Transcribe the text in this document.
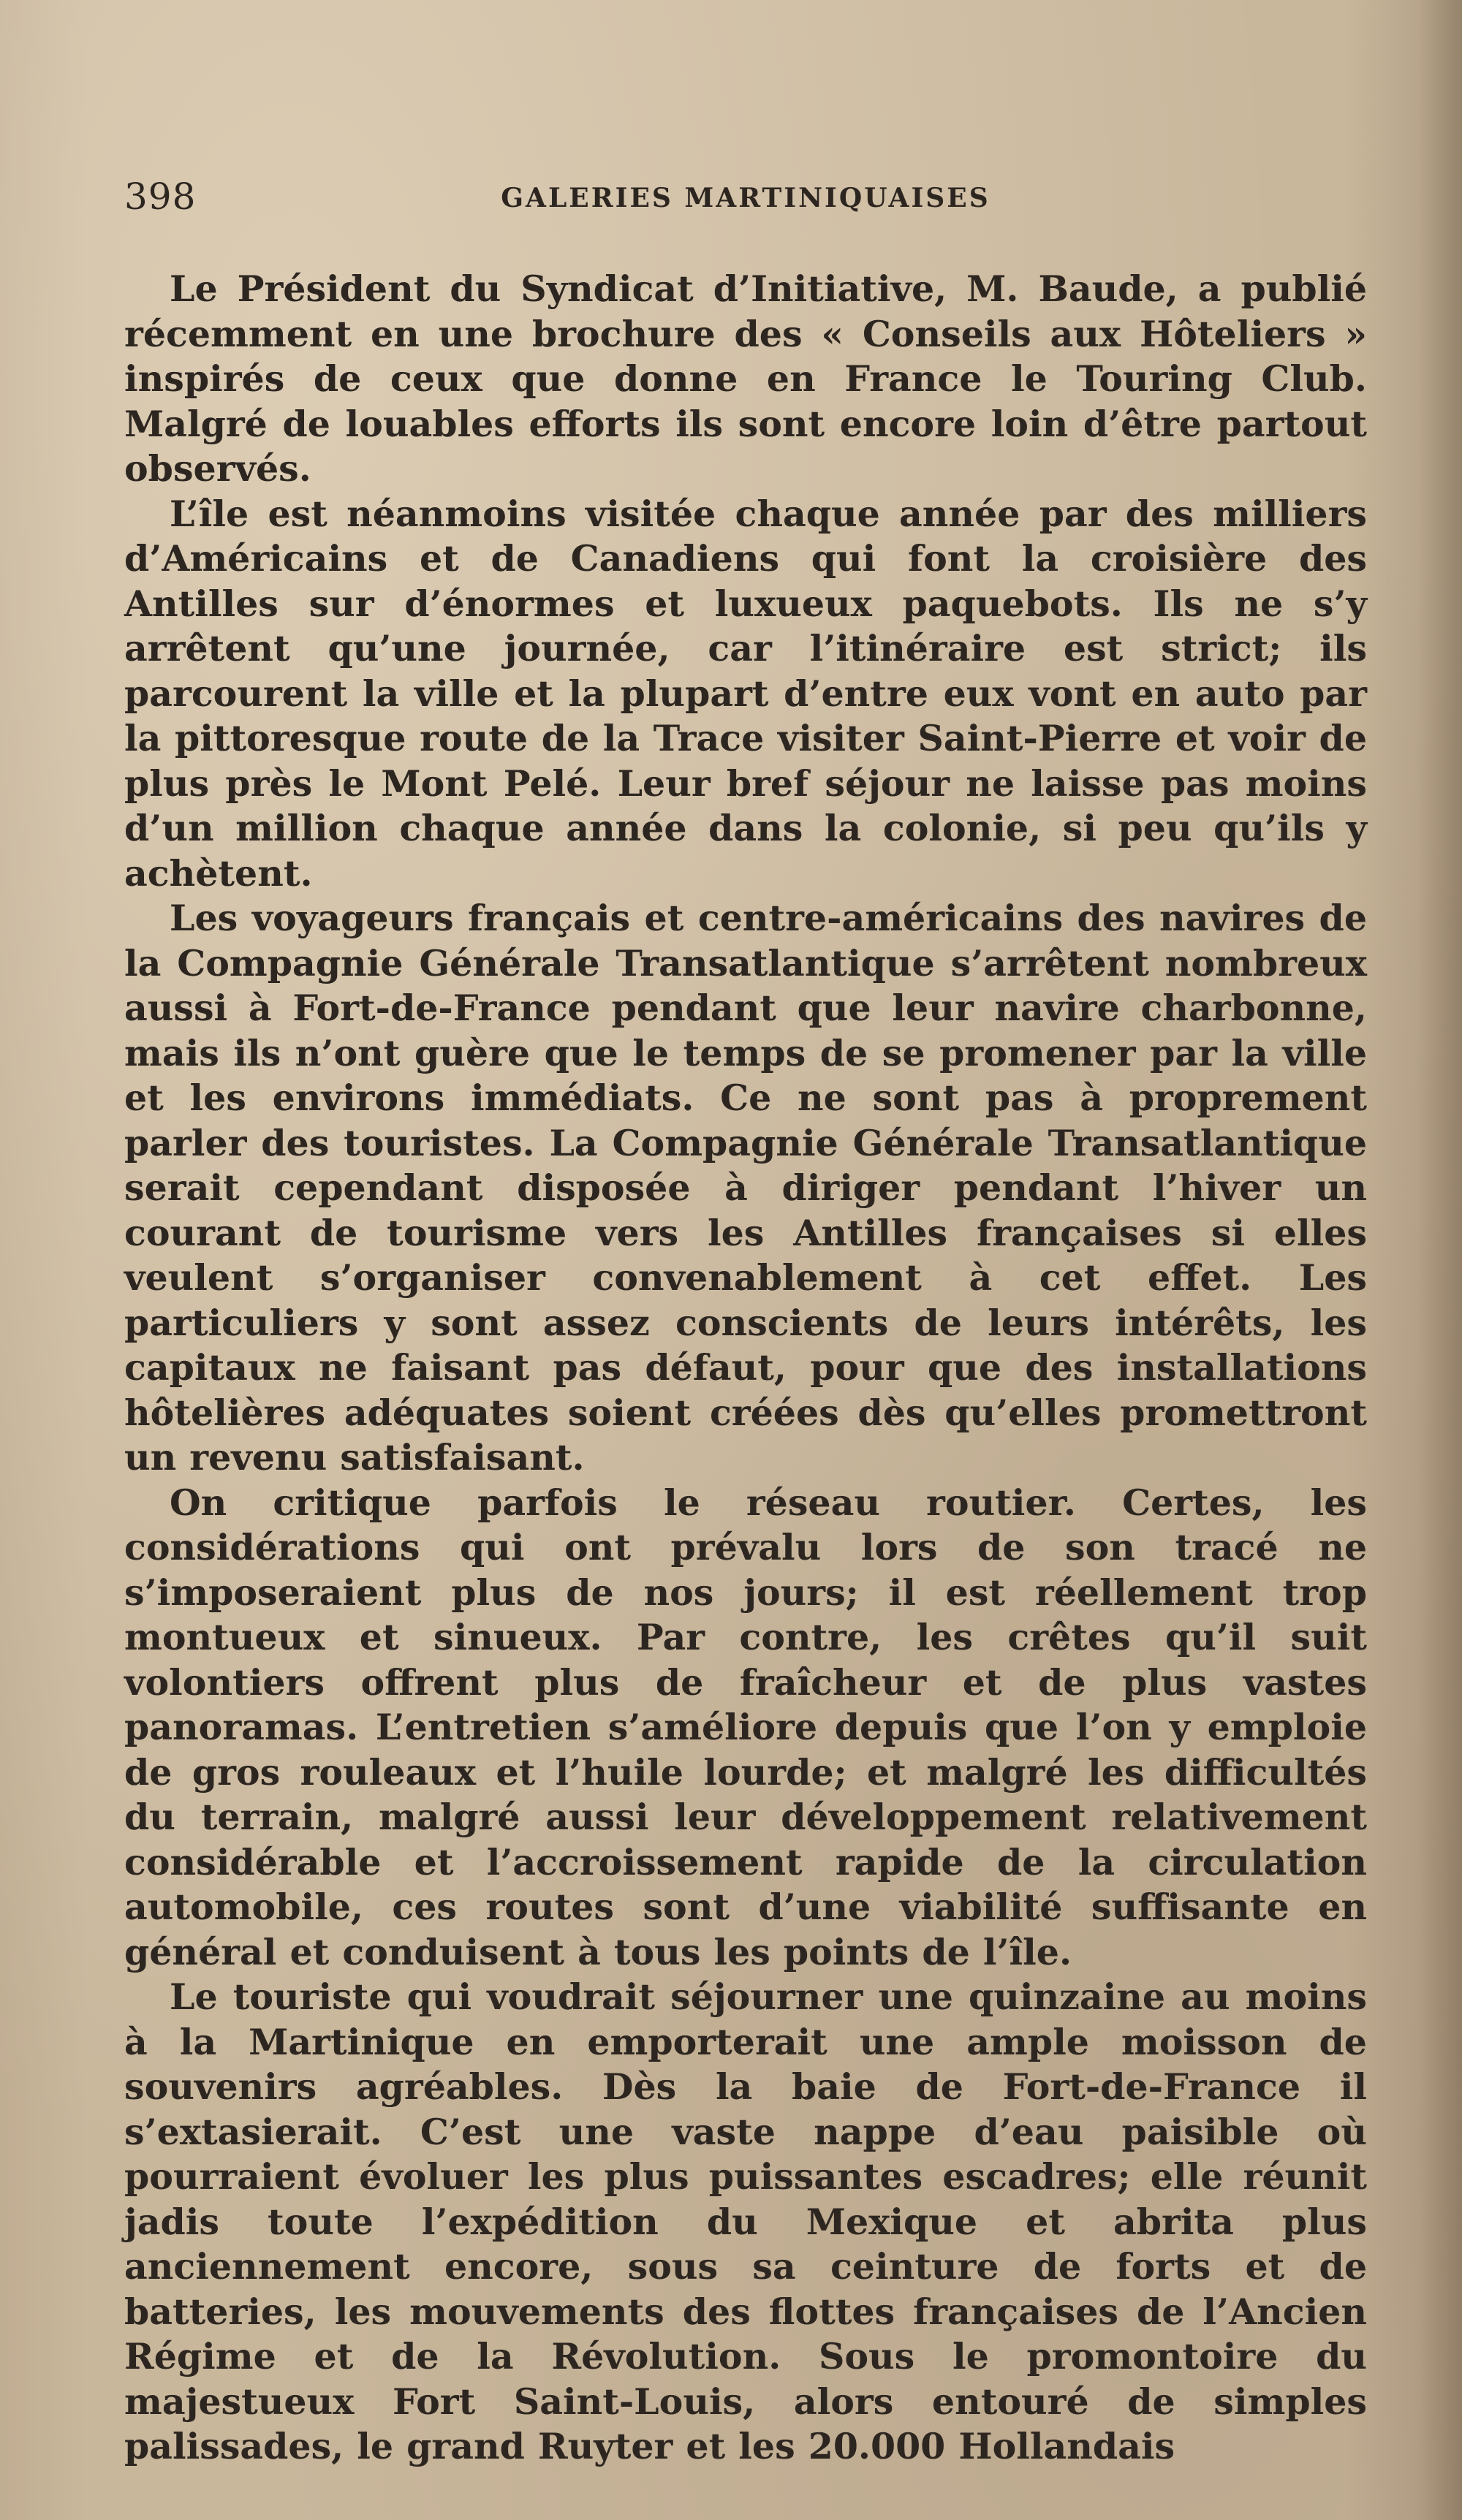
398	GALERIES MARTINIQUAISES

Le Président du Syndicat d’Initiative, M. Baude, a publié récemment en une brochure des « Conseils aux Hôteliers » inspirés de ceux que donne en France le Touring Club. Malgré de louables efforts ils sont encore loin d’être partout observés.

L’île est néanmoins visitée chaque année par des milliers d’Américains et de Canadiens qui font la croisière des Antilles sur d’énormes et luxueux paquebots. Ils ne s’y arrêtent qu’une journée, car l’itinéraire est strict; ils parcourent la ville et la plupart d’entre eux vont en auto par la pittoresque route de la Trace visiter Saint-Pierre et voir de plus près le Mont Pelé. Leur bref séjour ne laisse pas moins d’un million chaque année dans la colonie, si peu qu’ils y achètent.

Les voyageurs français et centre-américains des navires de la Compagnie Générale Transatlantique s’arrêtent nombreux aussi à Fort-de-France pendant que leur navire charbonne, mais ils n’ont guère que le temps de se promener par la ville et les environs immédiats. Ce ne sont pas à proprement parler des touristes. La Compagnie Générale Transatlantique serait cependant disposée à diriger pendant l’hiver un courant de tourisme vers les Antilles françaises si elles veulent s’organiser convenablement à cet effet. Les particuliers y sont assez conscients de leurs intérêts, les capitaux ne faisant pas défaut, pour que des installations hôtelières adéquates soient créées dès qu’elles promettront un revenu satisfaisant.

On critique parfois le réseau routier. Certes, les considérations qui ont prévalu lors de son tracé ne s’imposeraient plus de nos jours; il est réellement trop montueux et sinueux. Par contre, les crêtes qu’il suit volontiers offrent plus de fraîcheur et de plus vastes panoramas. L’entretien s’améliore depuis que l’on y emploie de gros rouleaux et l’huile lourde; et malgré les difficultés du terrain, malgré aussi leur développement relativement considérable et l’accroissement rapide de la circulation automobile, ces routes sont d’une viabilité suffisante en général et conduisent à tous les points de l’île.

Le touriste qui voudrait séjourner une quinzaine au moins à la Martinique en emporterait une ample moisson de souvenirs agréables. Dès la baie de Fort-de-France il s’extasierait. C’est une vaste nappe d’eau paisible où pourraient évoluer les plus puissantes escadres; elle réunit jadis toute l’expédition du Mexique et abrita plus anciennement encore, sous sa ceinture de forts et de batteries, les mouvements des flottes françaises de l’Ancien Régime et de la Révolution. Sous le promontoire du majestueux Fort Saint-Louis, alors entouré de simples palissades, le grand Ruyter et les 20.000 Hollandais
